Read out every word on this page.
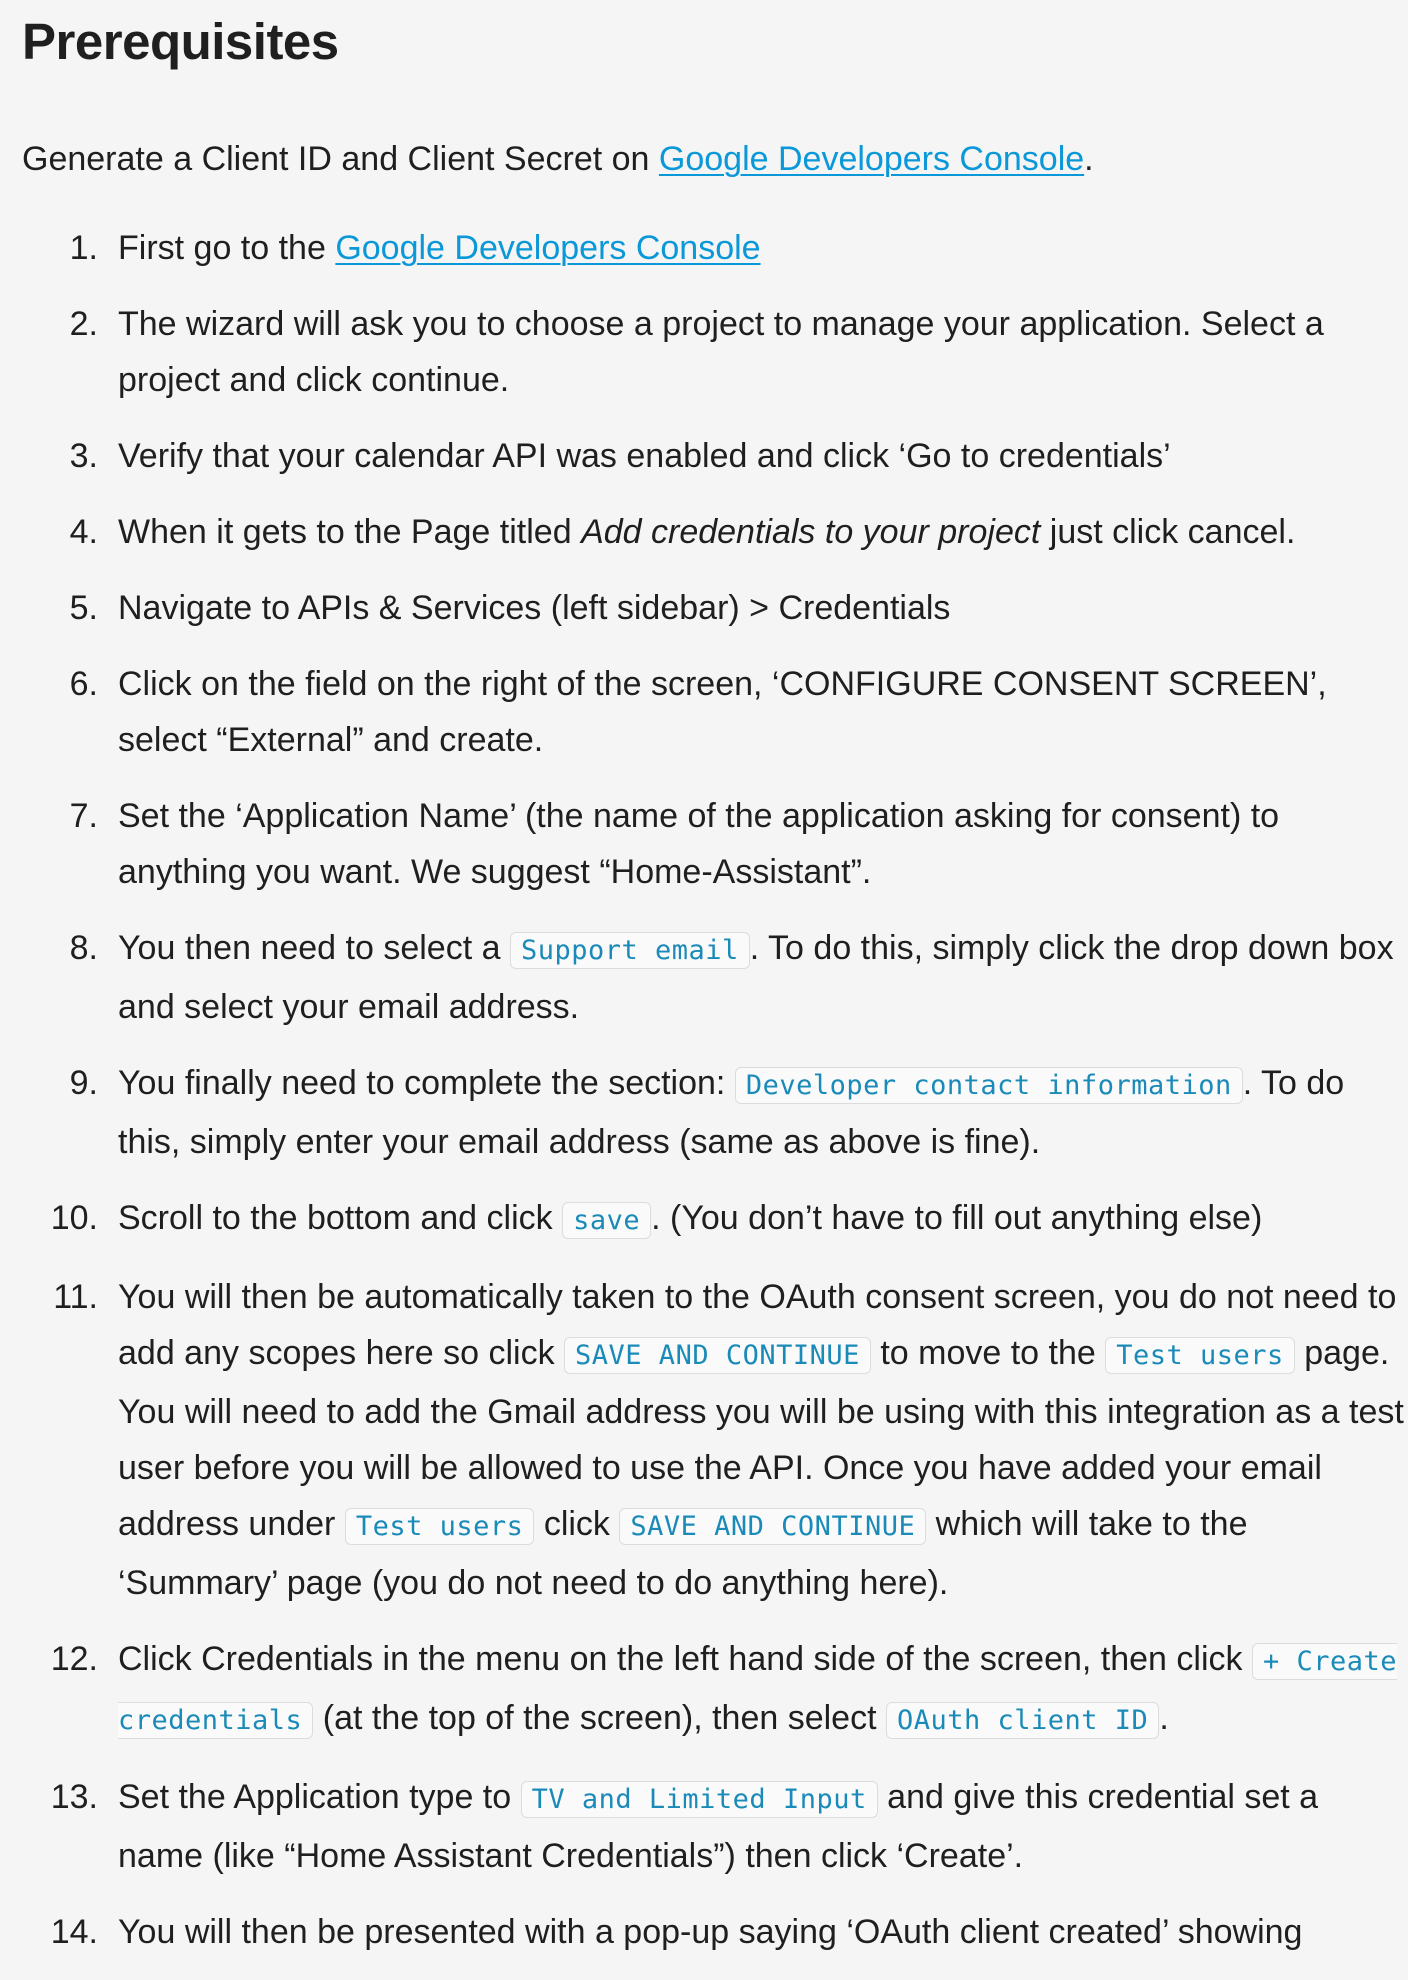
Prerequisites

Generate a Client ID and Client Secret on Google Developers Console.

1. First go to the Google Developers Console
2. The wizard will ask you to choose a project to manage your application. Select a project and click continue.
3. Verify that your calendar API was enabled and click ‘Go to credentials’
4. When it gets to the Page titled Add credentials to your project just click cancel.
5. Navigate to APIs & Services (left sidebar) > Credentials
6. Click on the field on the right of the screen, ‘CONFIGURE CONSENT SCREEN’, select “External” and create.
7. Set the ‘Application Name’ (the name of the application asking for consent) to anything you want. We suggest “Home-Assistant”.
8. You then need to select a Support email . To do this, simply click the drop down box and select your email address.
9. You finally need to complete the section: Developer contact information . To do this, simply enter your email address (same as above is fine).
10. Scroll to the bottom and click save . (You don’t have to fill out anything else)
11. You will then be automatically taken to the OAuth consent screen, you do not need to add any scopes here so click SAVE AND CONTINUE to move to the Test users page. You will need to add the Gmail address you will be using with this integration as a test user before you will be allowed to use the API. Once you have added your email address under Test users click SAVE AND CONTINUE which will take to the ‘Summary’ page (you do not need to do anything here).
12. Click Credentials in the menu on the left hand side of the screen, then click + Create credentials (at the top of the screen), then select OAuth client ID .
13. Set the Application type to TV and Limited Input and give this credential set a name (like “Home Assistant Credentials”) then click ‘Create’.
14. You will then be presented with a pop-up saying ‘OAuth client created’ showing
